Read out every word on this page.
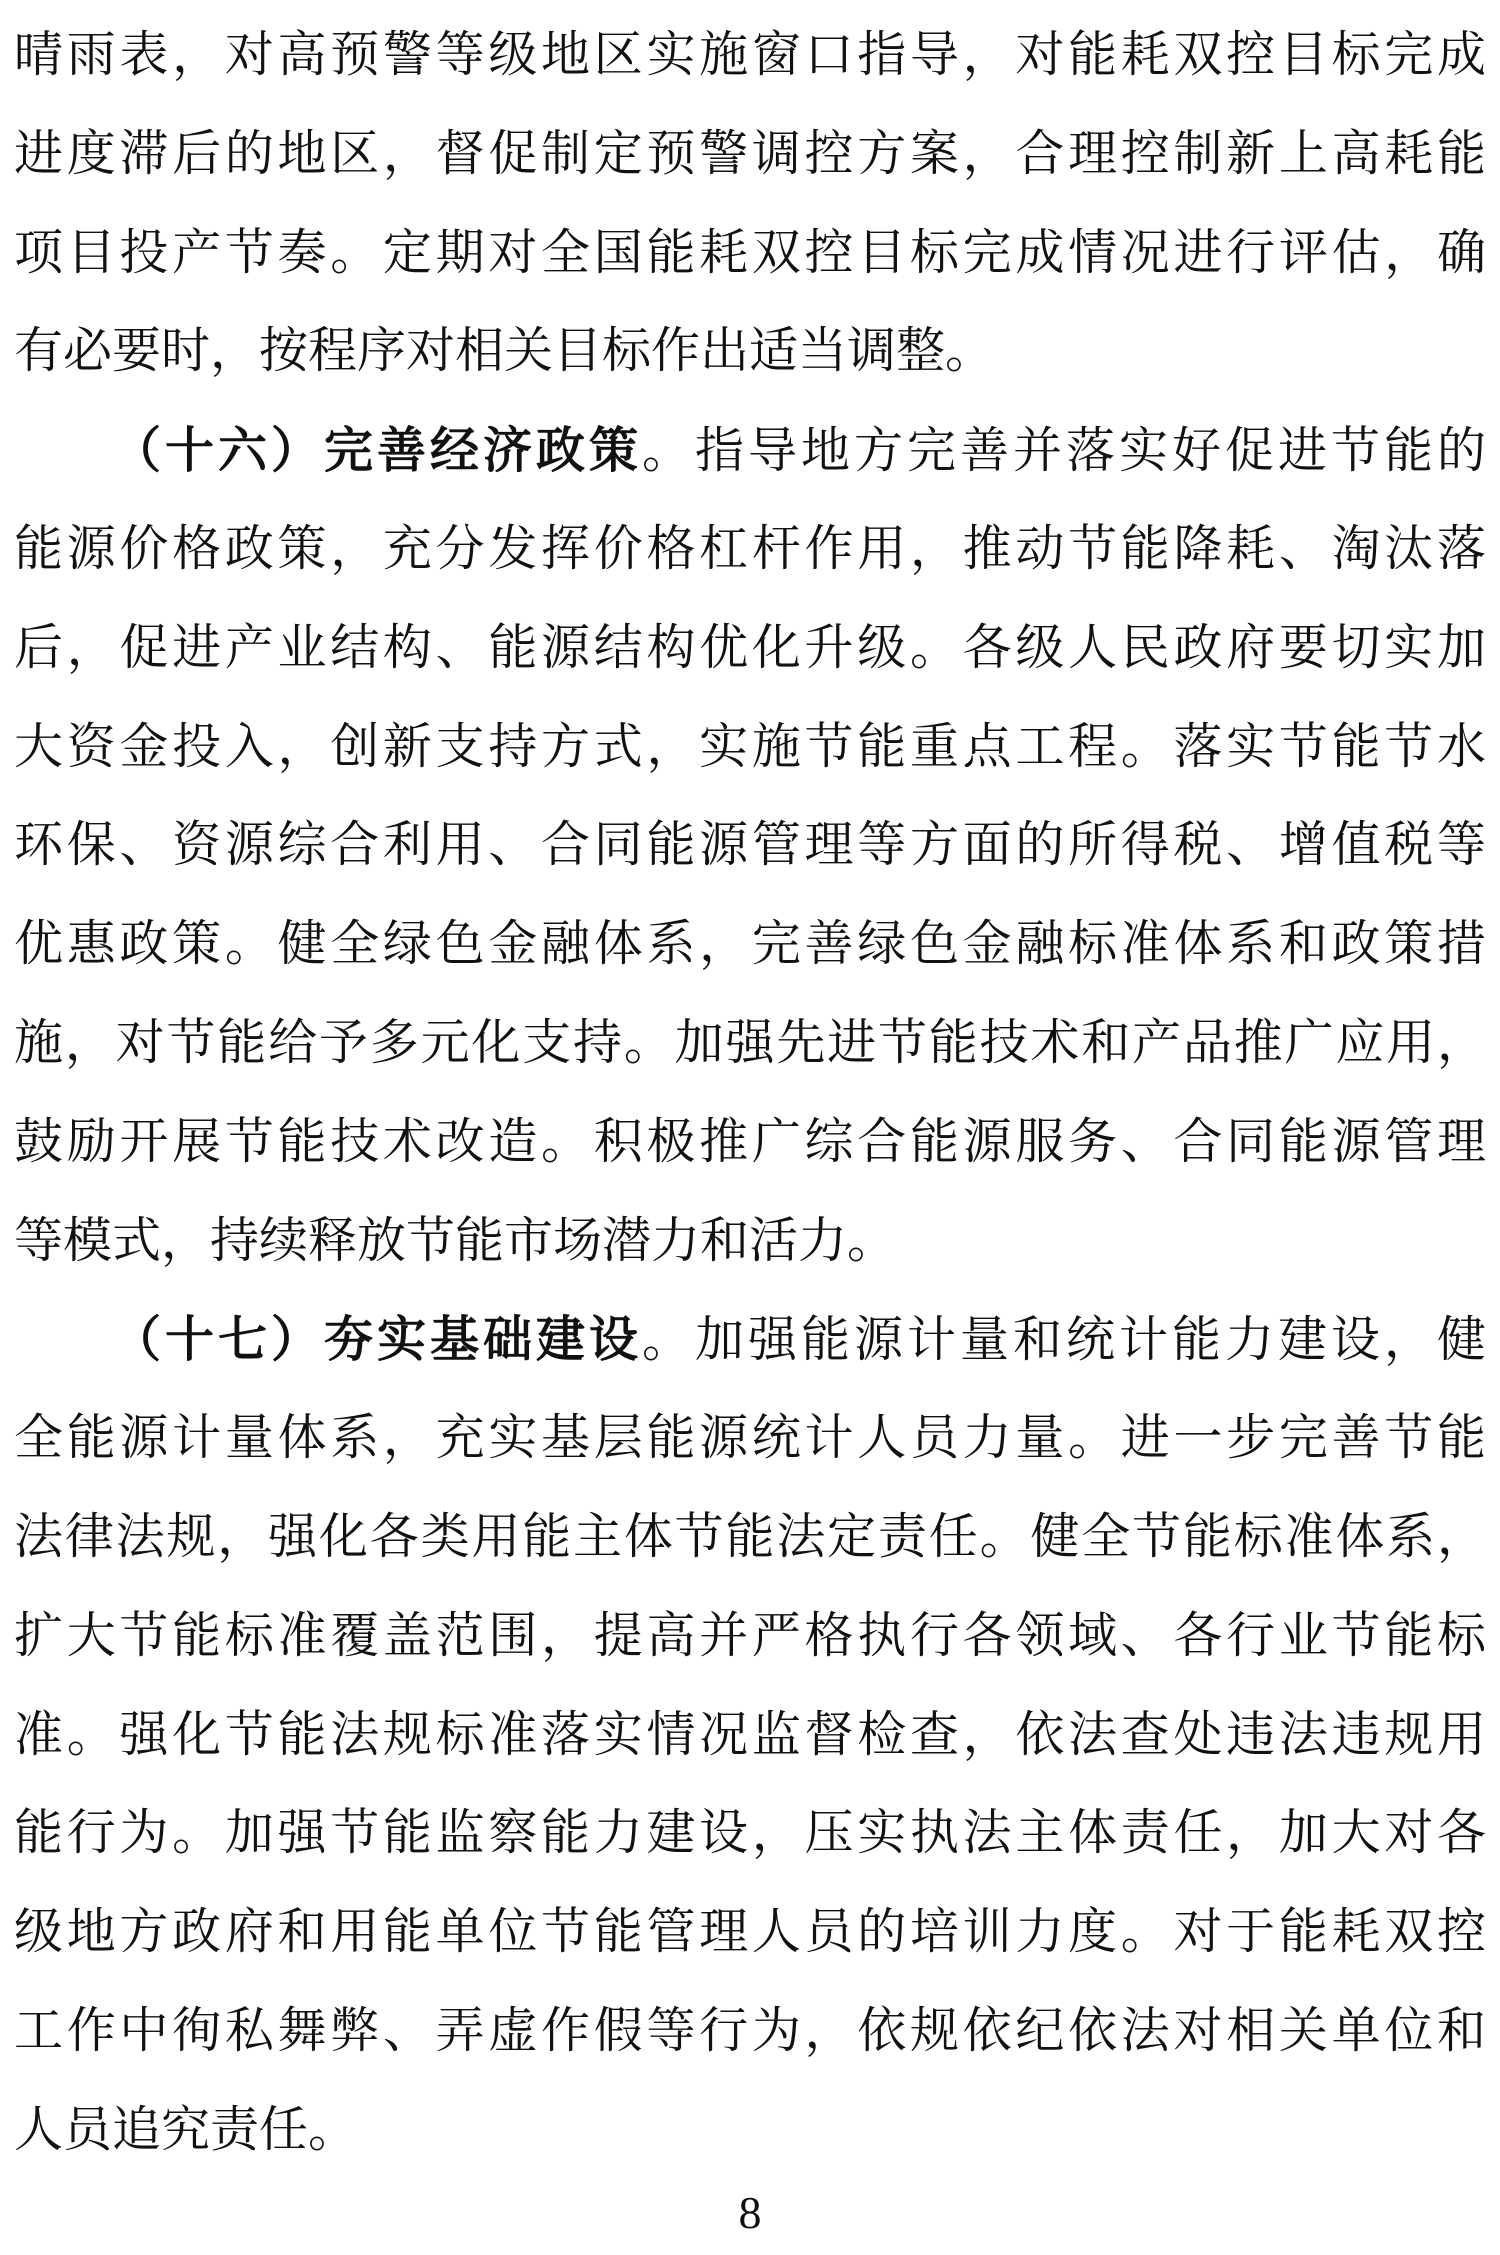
晴雨表，对高预警等级地区实施窗口指导，对能耗双控目标完成
进度滞后的地区，督促制定预警调控方案，合理控制新上高耗能
项目投产节奏。定期对全国能耗双控目标完成情况进行评估，确
有必要时，按程序对相关目标作出适当调整。
（十六）完善经济政策。指导地方完善并落实好促进节能的
能源价格政策，充分发挥价格杠杆作用，推动节能降耗、淘汰落
后，促进产业结构、能源结构优化升级。各级人民政府要切实加
大资金投入，创新支持方式，实施节能重点工程。落实节能节水
环保、资源综合利用、合同能源管理等方面的所得税、增值税等
优惠政策。健全绿色金融体系，完善绿色金融标准体系和政策措
施，对节能给予多元化支持。加强先进节能技术和产品推广应用，
鼓励开展节能技术改造。积极推广综合能源服务、合同能源管理
等模式，持续释放节能市场潜力和活力。
（十七）夯实基础建设。加强能源计量和统计能力建设，健
全能源计量体系，充实基层能源统计人员力量。进一步完善节能
法律法规，强化各类用能主体节能法定责任。健全节能标准体系，
扩大节能标准覆盖范围，提高并严格执行各领域、各行业节能标
准。强化节能法规标准落实情况监督检查，依法查处违法违规用
能行为。加强节能监察能力建设，压实执法主体责任，加大对各
级地方政府和用能单位节能管理人员的培训力度。对于能耗双控
工作中徇私舞弊、弄虚作假等行为，依规依纪依法对相关单位和
人员追究责任。
8
